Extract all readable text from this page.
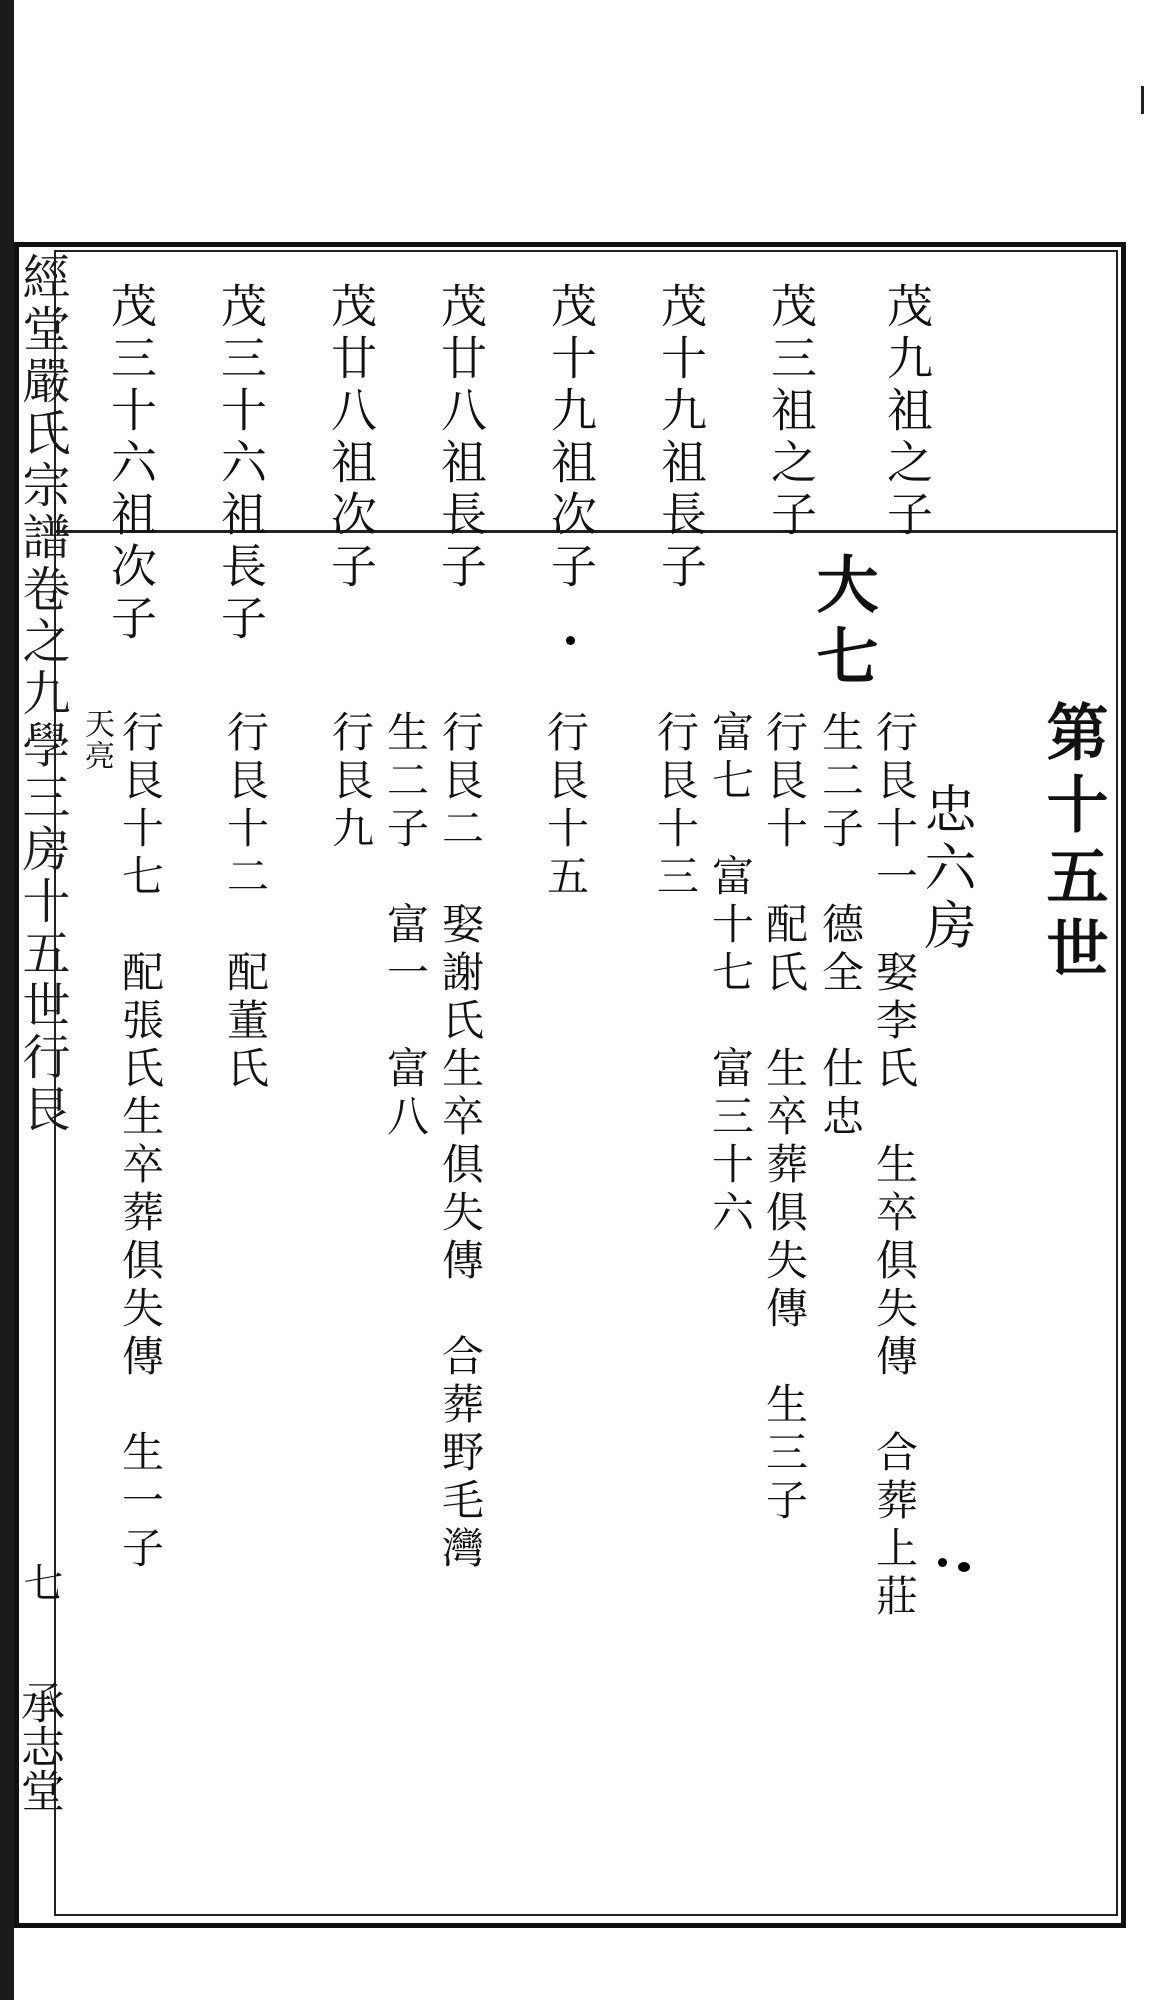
茂九祖之子
茂三祖之子
茂十九祖長子
茂十九祖次子
茂廿八祖長子
茂廿八祖次子
茂三十六祖長子
茂三十六祖次子
第十五世
忠六房
大七
行艮十一　娶李氏　生卒俱失傳　合葬上莊
生二子　德全　仕忠
行艮十　配氏　生卒葬俱失傳　生三子
富七　富十七　富三十六
行艮十三
行艮十五
行艮二　娶謝氏生卒俱失傳　合葬野毛灣
生二子　富一　富八
行艮九
行艮十二　配董氏
行艮十七　配張氏生卒葬俱失傳　生一子
天亮
經堂嚴氏宗譜卷之九學三房十五世行艮
七
承志堂
